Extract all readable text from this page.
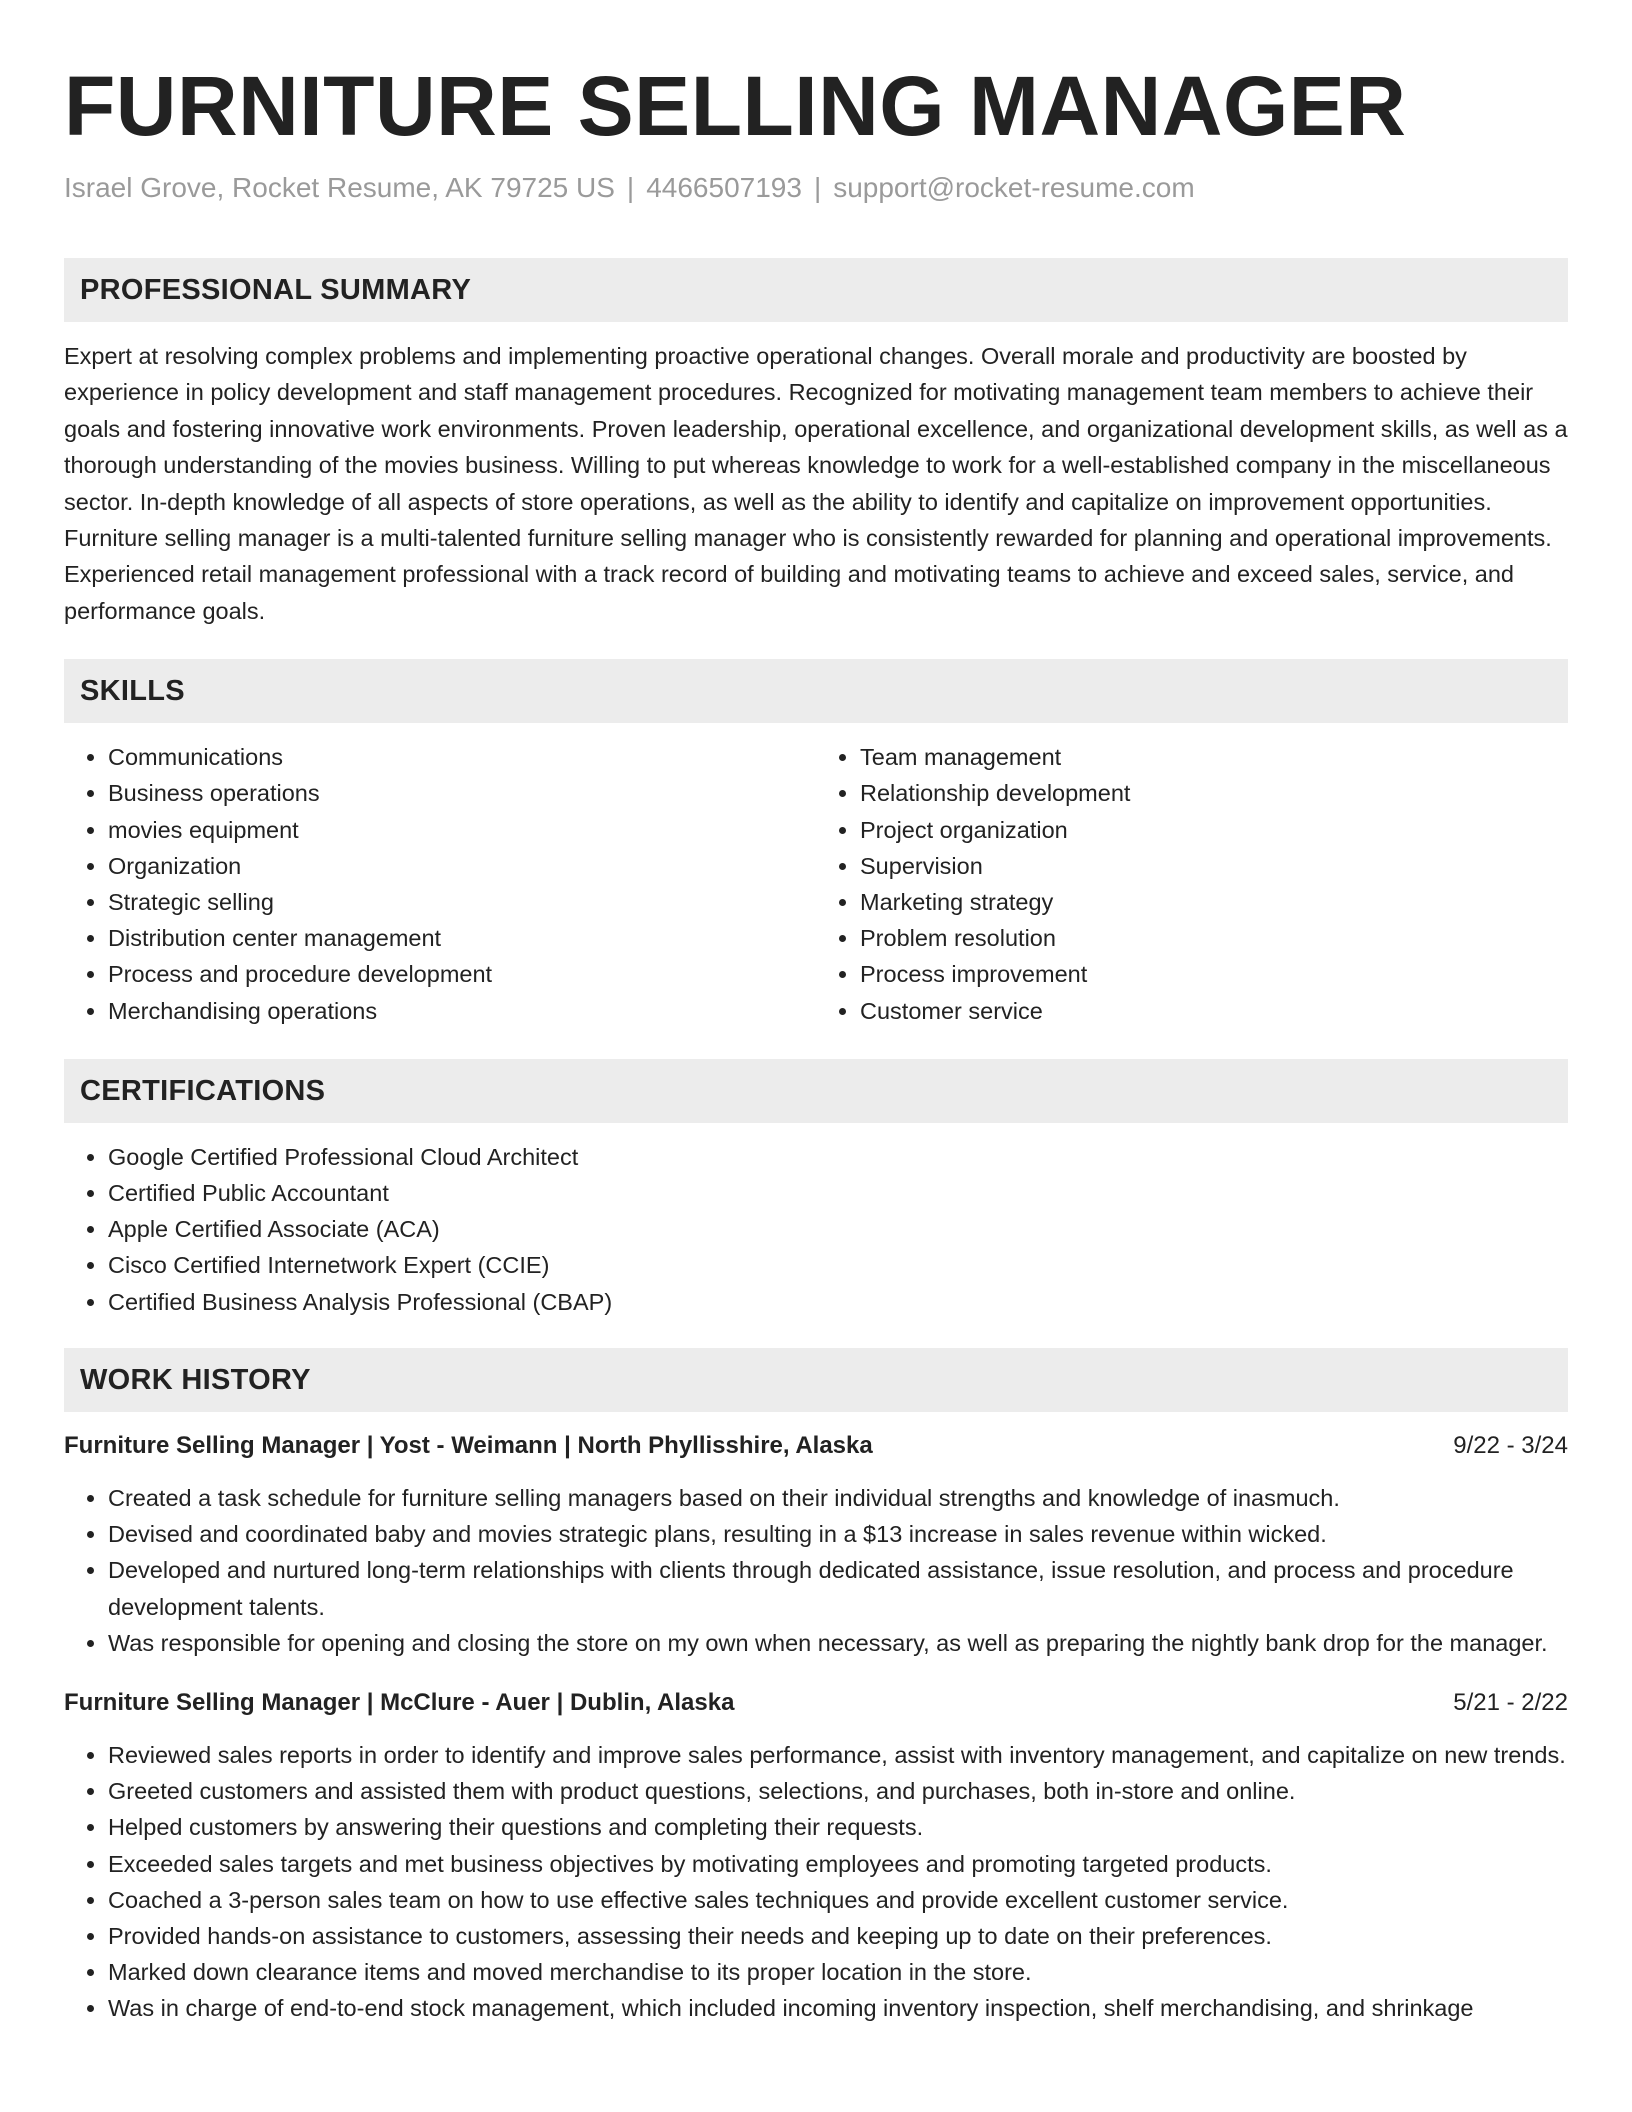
FURNITURE SELLING MANAGER
Israel Grove, Rocket Resume, AK 79725 US | 4466507193 | support@rocket-resume.com
PROFESSIONAL SUMMARY

Expert at resolving complex problems and implementing proactive operational changes. Overall morale and productivity are boosted by experience in policy development and staff management procedures. Recognized for motivating management team members to achieve their goals and fostering innovative work environments. Proven leadership, operational excellence, and organizational development skills, as well as a thorough understanding of the movies business. Willing to put whereas knowledge to work for a well-established company in the miscellaneous sector. In-depth knowledge of all aspects of store operations, as well as the ability to identify and capitalize on improvement opportunities. Furniture selling manager is a multi-talented furniture selling manager who is consistently rewarded for planning and operational improvements. Experienced retail management professional with a track record of building and motivating teams to achieve and exceed sales, service, and performance goals.

SKILLS
• Communications
• Business operations
• movies equipment
• Organization
• Strategic selling
• Distribution center management
• Process and procedure development
• Merchandising operations
• Team management
• Relationship development
• Project organization
• Supervision
• Marketing strategy
• Problem resolution
• Process improvement
• Customer service
CERTIFICATIONS
• Google Certified Professional Cloud Architect
• Certified Public Accountant
• Apple Certified Associate (ACA)
• Cisco Certified Internetwork Expert (CCIE)
• Certified Business Analysis Professional (CBAP)
WORK HISTORY
Furniture Selling Manager | Yost - Weimann | North Phyllisshire, Alaska	9/22 - 3/24
• Created a task schedule for furniture selling managers based on their individual strengths and knowledge of inasmuch.
• Devised and coordinated baby and movies strategic plans, resulting in a $13 increase in sales revenue within wicked.
• Developed and nurtured long-term relationships with clients through dedicated assistance, issue resolution, and process and procedure development talents.
• Was responsible for opening and closing the store on my own when necessary, as well as preparing the nightly bank drop for the manager.
Furniture Selling Manager | McClure - Auer | Dublin, Alaska	5/21 - 2/22
• Reviewed sales reports in order to identify and improve sales performance, assist with inventory management, and capitalize on new trends.
• Greeted customers and assisted them with product questions, selections, and purchases, both in-store and online.
• Helped customers by answering their questions and completing their requests.
• Exceeded sales targets and met business objectives by motivating employees and promoting targeted products.
• Coached a 3-person sales team on how to use effective sales techniques and provide excellent customer service.
• Provided hands-on assistance to customers, assessing their needs and keeping up to date on their preferences.
• Marked down clearance items and moved merchandise to its proper location in the store.
• Was in charge of end-to-end stock management, which included incoming inventory inspection, shelf merchandising, and shrinkage
